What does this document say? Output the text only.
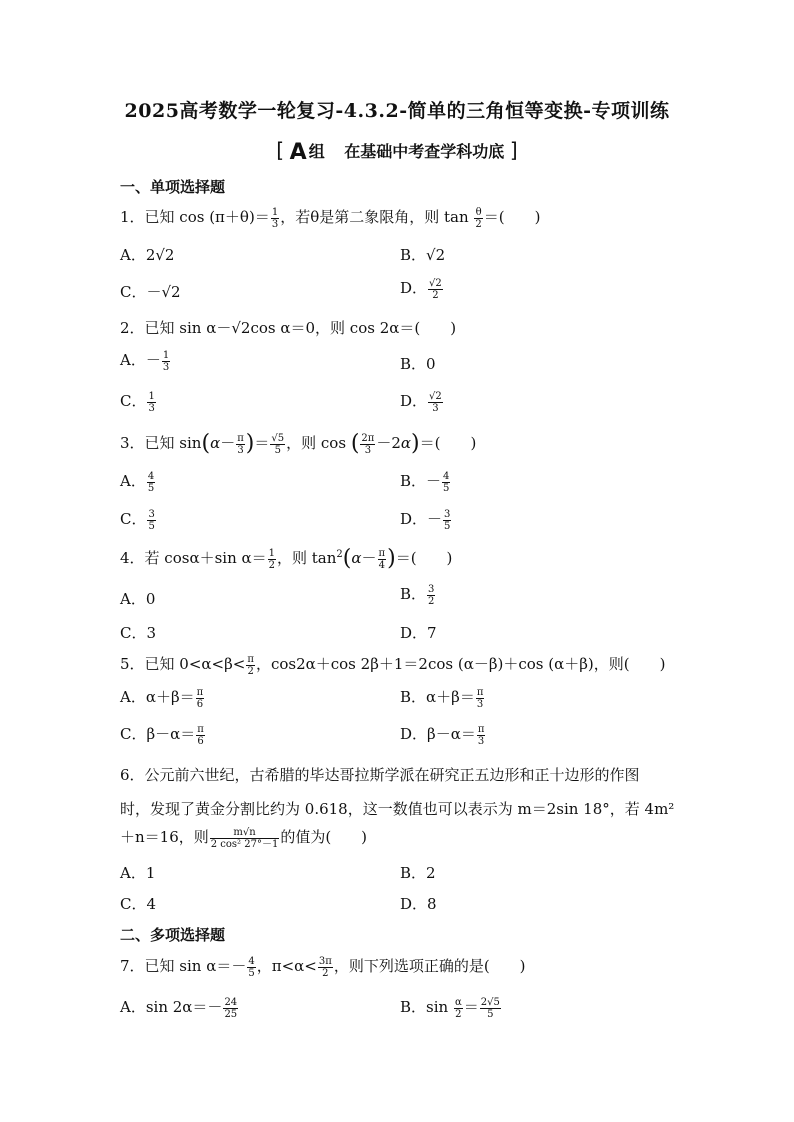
2025高考数学一轮复习-4.3.2-简单的三角恒等变换-专项训练
[ A 组 在基础中考查学科功底 ]
一、单项选择题
1．已知 $\cos (\pi+\theta)= \frac{1}{3}$ ，若θ是第二象限角，则 $\tan \frac{\theta}{2}$ ＝(　　)
A．2√2	B．√2
C．－√2	D． $\frac{√2}{2}$
2．已知 sin α－√2cos α＝0，则 cos 2α＝(　　)
A．－ $\frac{1}{3}$	B．0
C． $\frac{1}{3}$	D． $\frac{√2}{3}$
3．已知 $\sin(\alpha- \frac{\pi}{3}$ )＝ $\frac{√5}{5}$ ，则 cos ( $\frac{2\pi}{3} -2\alpha)=$(　　)
A． $\frac{4}{5}$	B．－ $\frac{4}{5}$
C． $\frac{3}{5}$	D．－ $\frac{3}{5}$
4．若 cosα＋sin $\alpha= \frac{1}{2}$ ，则 $\tan^2(\alpha- \frac{\pi}{4}$ )＝(　　)
A．0	B． $\frac{3}{2}$
C．3	D．7
5．已知 $0<\alpha<\beta< \frac{\pi}{2}$ ，cos2α＋cos 2β＋1＝2cos (α－β)＋cos (α＋β)，则(　　)
A．$\alpha+\beta= \frac{\pi}{6}$	B．$\alpha+\beta= \frac{\pi}{3}$
C．$\beta-\alpha= \frac{\pi}{6}$	D．$\beta-\alpha= \frac{\pi}{3}$
6．公元前六世纪，古希腊的毕达哥拉斯学派在研究正五边形和正十边形的作图
时，发现了黄金分割比约为 0.618，这一数值也可以表示为 m＝2sin 18°，若 4m²
＋n＝16，则 $\frac{m√n}{\text{2 cos² 27°－1}}$ 的值为(　　)
A．1	B．2
C．4	D．8
二、多项选择题
7．已知 $\sin \alpha=- \frac{4}{5}$ ，$\pi<\alpha< \frac{3\pi}{2}$ ，则下列选项正确的是(　　)
A．$\sin 2\alpha=- \frac{24}{25}$	B．$\sin \frac{\alpha}{2} = \frac{2√5}{5}$
